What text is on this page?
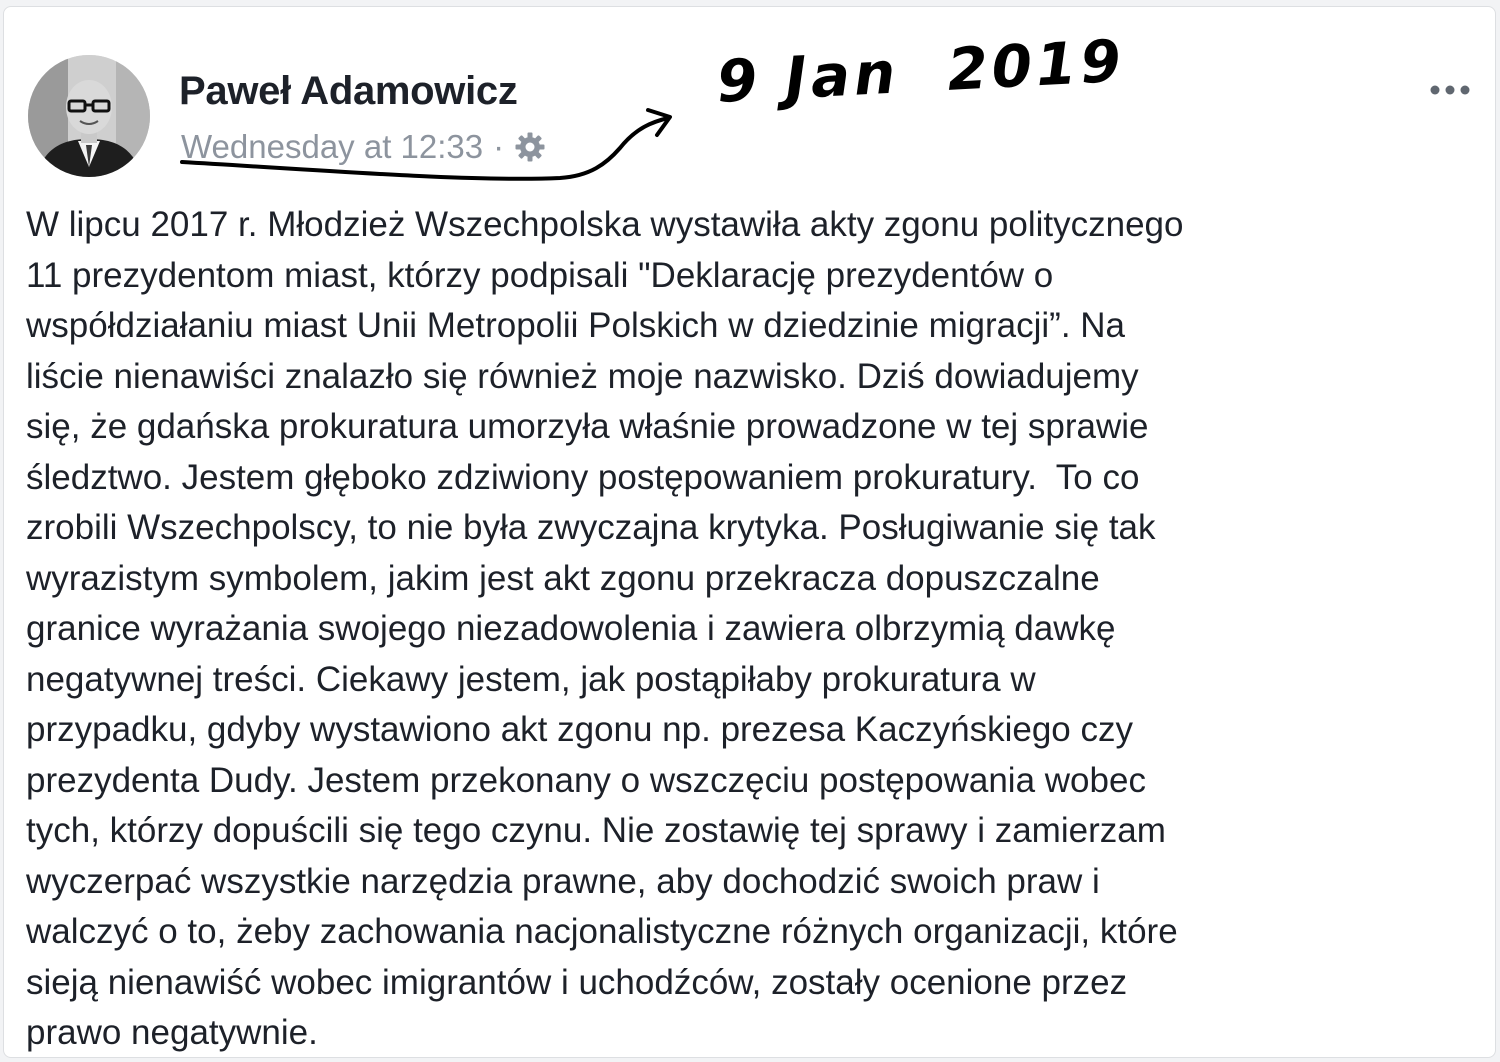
Paweł Adamowicz
Wednesday at 12:33 ·

W lipcu 2017 r. Młodzież Wszechpolska wystawiła akty zgonu politycznego
11 prezydentom miast, którzy podpisali "Deklarację prezydentów o
współdziałaniu miast Unii Metropolii Polskich w dziedzinie migracji”. Na
liście nienawiści znalazło się również moje nazwisko. Dziś dowiadujemy
się, że gdańska prokuratura umorzyła właśnie prowadzone w tej sprawie
śledztwo. Jestem głęboko zdziwiony postępowaniem prokuratury.  To co
zrobili Wszechpolscy, to nie była zwyczajna krytyka. Posługiwanie się tak
wyrazistym symbolem, jakim jest akt zgonu przekracza dopuszczalne
granice wyrażania swojego niezadowolenia i zawiera olbrzymią dawkę
negatywnej treści. Ciekawy jestem, jak postąpiłaby prokuratura w
przypadku, gdyby wystawiono akt zgonu np. prezesa Kaczyńskiego czy
prezydenta Dudy. Jestem przekonany o wszczęciu postępowania wobec
tych, którzy dopuścili się tego czynu. Nie zostawię tej sprawy i zamierzam
wyczerpać wszystkie narzędzia prawne, aby dochodzić swoich praw i
walczyć o to, żeby zachowania nacjonalistyczne różnych organizacji, które
sieją nienawiść wobec imigrantów i uchodźców, zostały ocenione przez
prawo negatywnie.

9 Jan  2019
